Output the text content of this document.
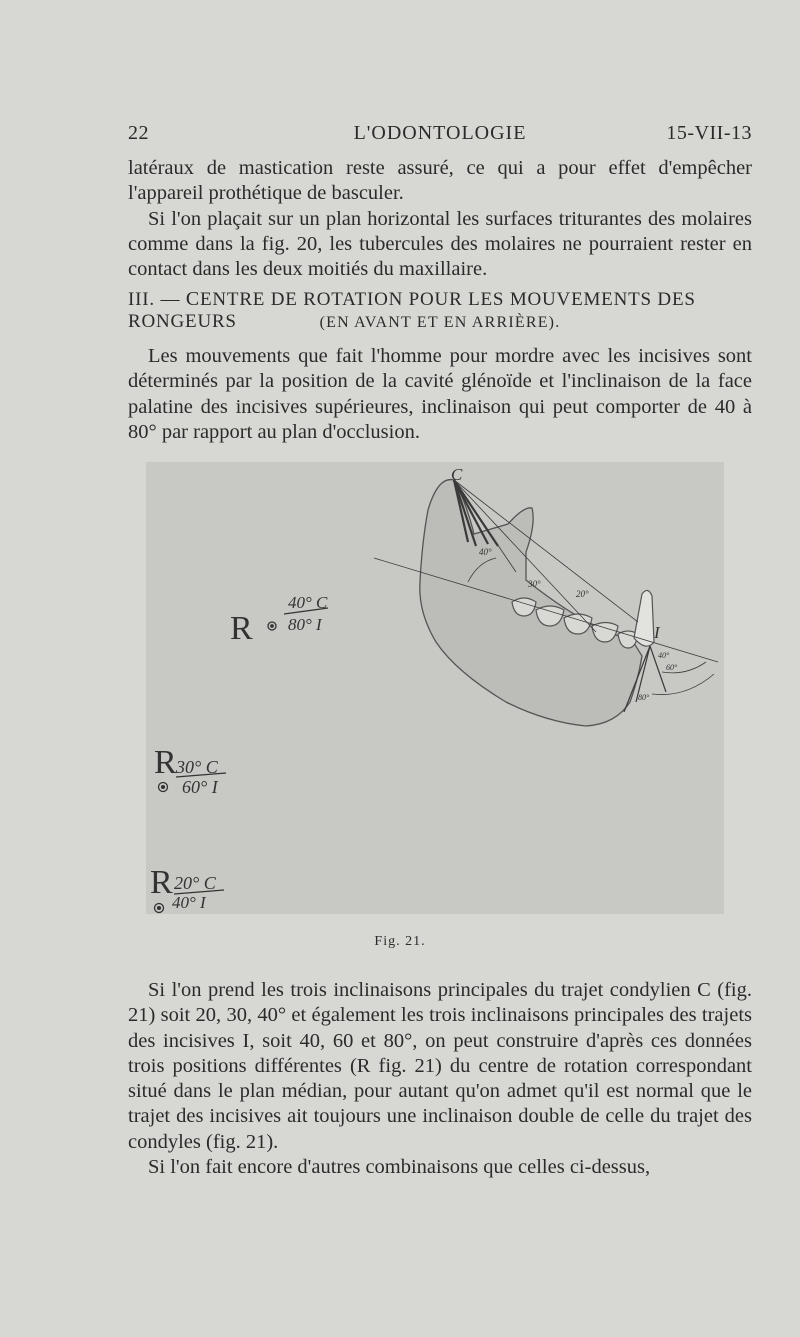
22	L'ODONTOLOGIE	15-VII-13

latéraux de mastication reste assuré, ce qui a pour effet d'empêcher l'appareil prothétique de basculer.

Si l'on plaçait sur un plan horizontal les surfaces triturantes des molaires comme dans la fig. 20, les tubercules des molaires ne pourraient rester en contact dans les deux moitiés du maxillaire.

III. — CENTRE DE ROTATION POUR LES MOUVEMENTS DES RONGEURS	(EN AVANT ET EN ARRIÈRE).
Les mouvements que fait l'homme pour mordre avec les incisives sont déterminés par la position de la cavité glénoïde et l'inclinaison de la face palatine des incisives supérieures, inclinaison qui peut comporter de 40 à 80° par rapport au plan d'occlusion.
C
I
40°
30°
20°
40°
60°
80°
R
40° C
80° I
R 30° C
60° I
R 20° C
40° I
Fig. 21.

Si l'on prend les trois inclinaisons principales du trajet condylien C (fig. 21) soit 20, 30, 40° et également les trois inclinaisons principales des trajets des incisives I, soit 40, 60 et 80°, on peut construire d'après ces données trois positions différentes (R fig. 21) du centre de rotation correspondant situé dans le plan médian, pour autant qu'on admet qu'il est normal que le trajet des incisives ait toujours une inclinaison double de celle du trajet des condyles (fig. 21).

Si l'on fait encore d'autres combinaisons que celles ci-dessus,
